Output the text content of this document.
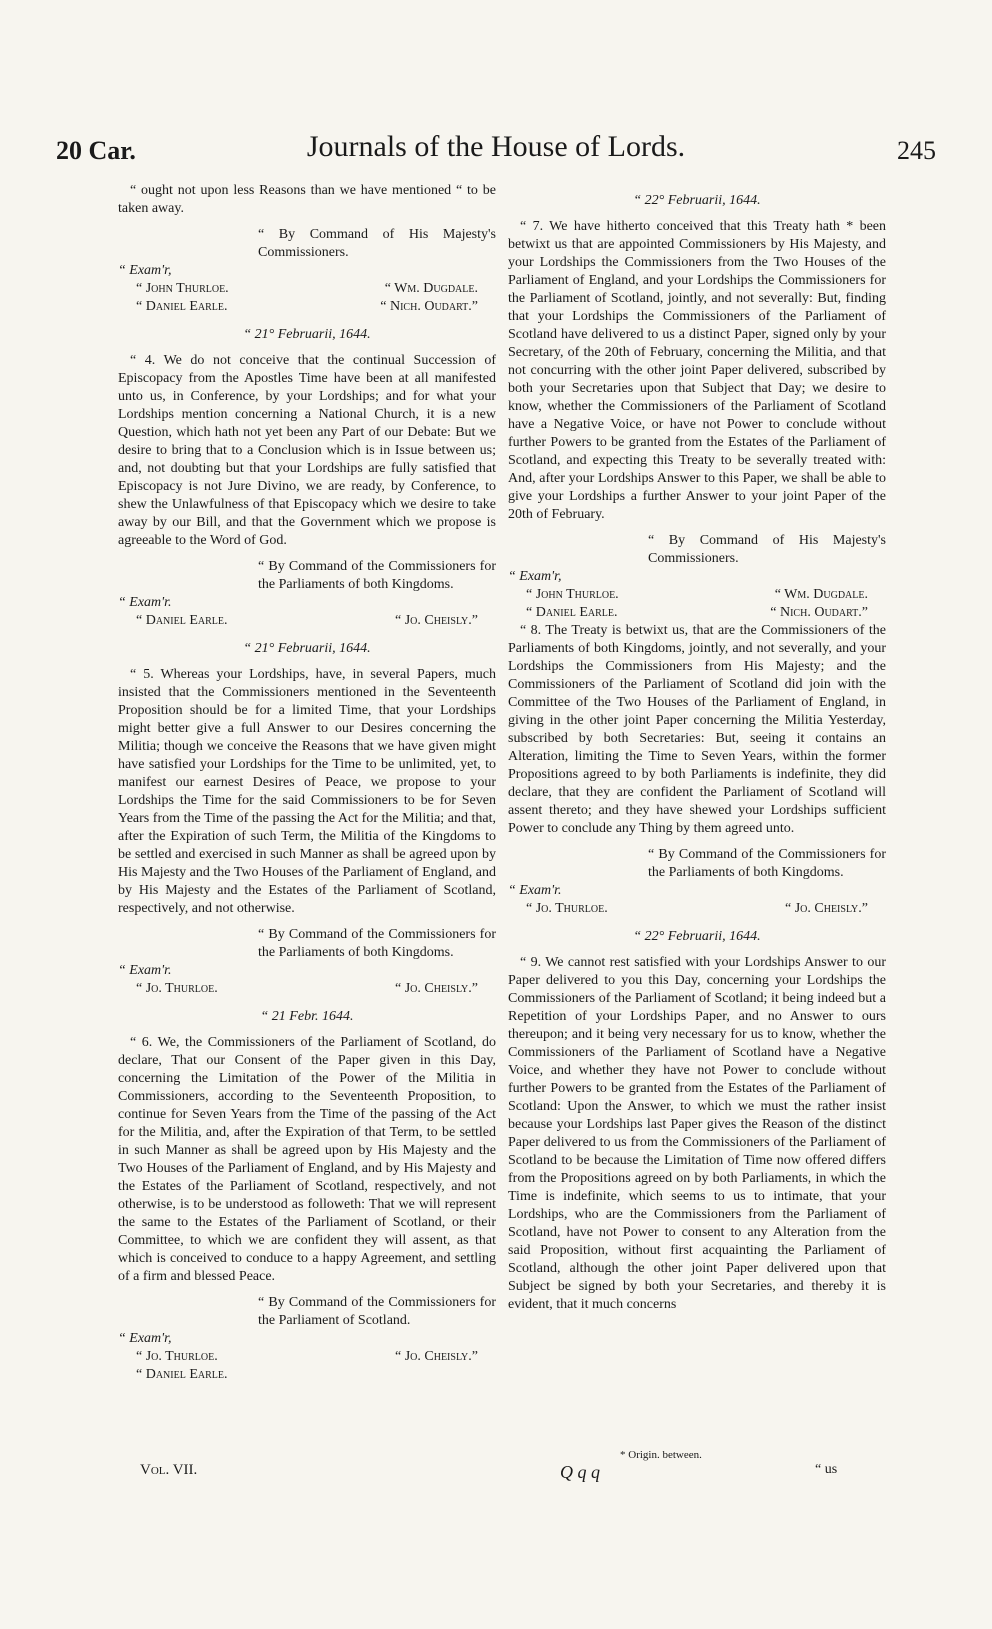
20 Car.	Journals of the House of Lords.	245
“ ought not upon less Reasons than we have mentioned “ to be taken away.
“ By Command of His Majesty's Commissioners.
“ Exam'r,
“ John Thurloe.	“ Wm. Dugdale.
“ Daniel Earle.	“ Nich. Oudart.”
“ 21° Februarii, 1644.
“ 4. We do not conceive that the continual Succession of Episcopacy from the Apostles Time have been at all manifested unto us, in Conference, by your Lordships; and for what your Lordships mention concerning a National Church, it is a new Question, which hath not yet been any Part of our Debate: But we desire to bring that to a Conclusion which is in Issue between us; and, not doubting but that your Lordships are fully satisfied that Episcopacy is not Jure Divino, we are ready, by Conference, to shew the Unlawfulness of that Episcopacy which we desire to take away by our Bill, and that the Government which we propose is agreeable to the Word of God.
“ By Command of the Commissioners for the Parliaments of both Kingdoms.
“ Exam'r.
“ Daniel Earle.	“ Jo. Cheisly.”
“ 21° Februarii, 1644.
“ 5. Whereas your Lordships, have, in several Papers, much insisted that the Commissioners mentioned in the Seventeenth Proposition should be for a limited Time, that your Lordships might better give a full Answer to our Desires concerning the Militia; though we conceive the Reasons that we have given might have satisfied your Lordships for the Time to be unlimited, yet, to manifest our earnest Desires of Peace, we propose to your Lordships the Time for the said Commissioners to be for Seven Years from the Time of the passing the Act for the Militia; and that, after the Expiration of such Term, the Militia of the Kingdoms to be settled and exercised in such Manner as shall be agreed upon by His Majesty and the Two Houses of the Parliament of England, and by His Majesty and the Estates of the Parliament of Scotland, respectively, and not otherwise.
“ By Command of the Commissioners for the Parliaments of both Kingdoms.
“ Exam'r.
“ Jo. Thurloe.	“ Jo. Cheisly.”
“ 21 Febr. 1644.
“ 6. We, the Commissioners of the Parliament of Scotland, do declare, That our Consent of the Paper given in this Day, concerning the Limitation of the Power of the Militia in Commissioners, according to the Seventeenth Proposition, to continue for Seven Years from the Time of the passing of the Act for the Militia, and, after the Expiration of that Term, to be settled in such Manner as shall be agreed upon by His Majesty and the Two Houses of the Parliament of England, and by His Majesty and the Estates of the Parliament of Scotland, respectively, and not otherwise, is to be understood as followeth: That we will represent the same to the Estates of the Parliament of Scotland, or their Committee, to which we are confident they will assent, as that which is conceived to conduce to a happy Agreement, and settling of a firm and blessed Peace.
“ By Command of the Commissioners for the Parliament of Scotland.
“ Exam'r,
“ Jo. Thurloe.	“ Jo. Cheisly.”
“ Daniel Earle.
“ 22° Februarii, 1644.
“ 7. We have hitherto conceived that this Treaty hath * been betwixt us that are appointed Commissioners by His Majesty, and your Lordships the Commissioners from the Two Houses of the Parliament of England, and your Lordships the Commissioners for the Parliament of Scotland, jointly, and not severally: But, finding that your Lordships the Commissioners of the Parliament of Scotland have delivered to us a distinct Paper, signed only by your Secretary, of the 20th of February, concerning the Militia, and that not concurring with the other joint Paper delivered, subscribed by both your Secretaries upon that Subject that Day; we desire to know, whether the Commissioners of the Parliament of Scotland have a Negative Voice, or have not Power to conclude without further Powers to be granted from the Estates of the Parliament of Scotland, and expecting this Treaty to be severally treated with: And, after your Lordships Answer to this Paper, we shall be able to give your Lordships a further Answer to your joint Paper of the 20th of February.
“ By Command of His Majesty's Commissioners.
“ Exam'r,
“ John Thurloe.	“ Wm. Dugdale.
“ Daniel Earle.	“ Nich. Oudart.”
“ 8. The Treaty is betwixt us, that are the Commissioners of the Parliaments of both Kingdoms, jointly, and not severally, and your Lordships the Commissioners from His Majesty; and the Commissioners of the Parliament of Scotland did join with the Committee of the Two Houses of the Parliament of England, in giving in the other joint Paper concerning the Militia Yesterday, subscribed by both Secretaries: But, seeing it contains an Alteration, limiting the Time to Seven Years, within the former Propositions agreed to by both Parliaments is indefinite, they did declare, that they are confident the Parliament of Scotland will assent thereto; and they have shewed your Lordships sufficient Power to conclude any Thing by them agreed unto.
“ By Command of the Commissioners for the Parliaments of both Kingdoms.
“ Exam'r.
“ Jo. Thurloe.	“ Jo. Cheisly.”
“ 22° Februarii, 1644.
“ 9. We cannot rest satisfied with your Lordships Answer to our Paper delivered to you this Day, concerning your Lordships the Commissioners of the Parliament of Scotland; it being indeed but a Repetition of your Lordships Paper, and no Answer to ours thereupon; and it being very necessary for us to know, whether the Commissioners of the Parliament of Scotland have a Negative Voice, and whether they have not Power to conclude without further Powers to be granted from the Estates of the Parliament of Scotland: Upon the Answer, to which we must the rather insist because your Lordships last Paper gives the Reason of the distinct Paper delivered to us from the Commissioners of the Parliament of Scotland to be because the Limitation of Time now offered differs from the Propositions agreed on by both Parliaments, in which the Time is indefinite, which seems to us to intimate, that your Lordships, who are the Commissioners from the Parliament of Scotland, have not Power to consent to any Alteration from the said Proposition, without first acquainting the Parliament of Scotland, although the other joint Paper delivered upon that Subject be signed by both your Secretaries, and thereby it is evident, that it much concerns
Vol. VII.	Q q q
* Origin. between.
“ us
